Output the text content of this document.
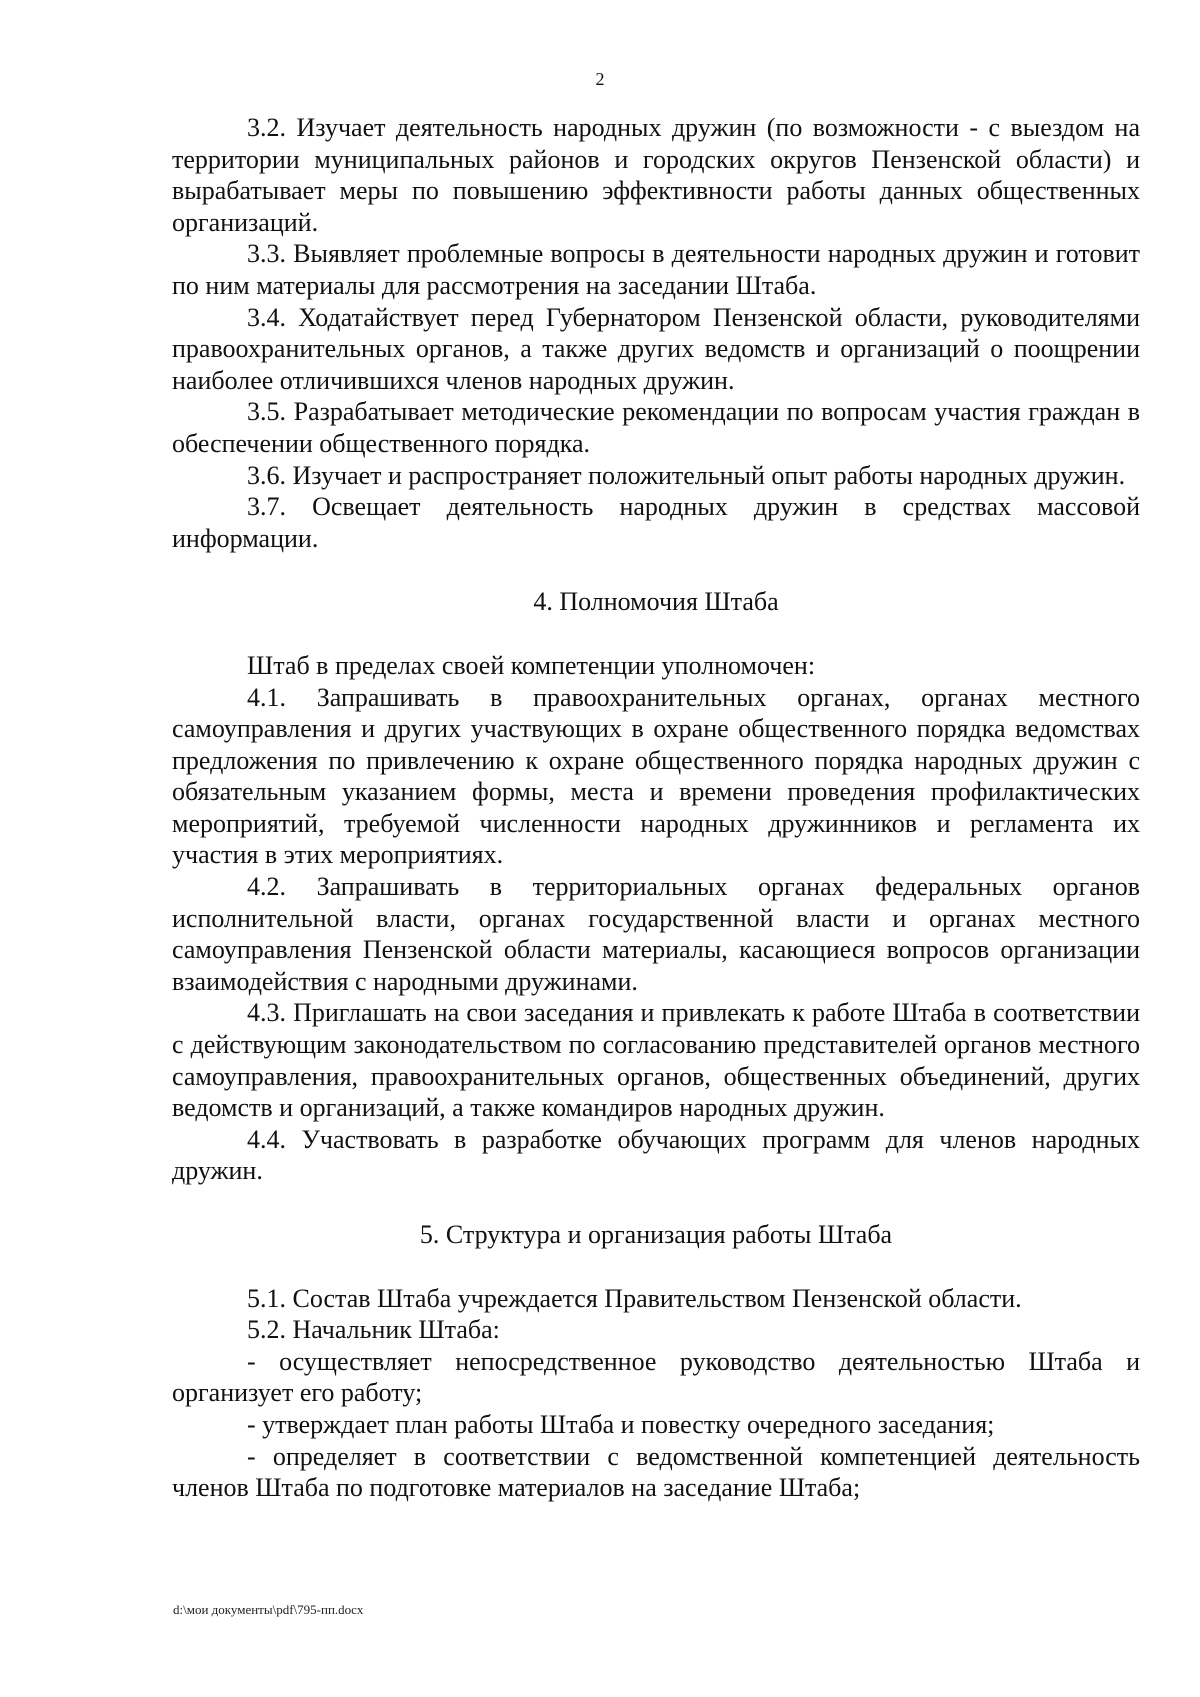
2

3.2. Изучает деятельность народных дружин (по возможности - с выездом на территории муниципальных районов и городских округов Пензенской области) и вырабатывает меры по повышению эффективности работы данных общественных организаций.

3.3. Выявляет проблемные вопросы в деятельности народных дружин и готовит по ним материалы для рассмотрения на заседании Штаба.

3.4. Ходатайствует перед Губернатором Пензенской области, руководителями правоохранительных органов, а также других ведомств и организаций о поощрении наиболее отличившихся членов народных дружин.

3.5. Разрабатывает методические рекомендации по вопросам участия граждан в обеспечении общественного порядка.

3.6. Изучает и распространяет положительный опыт работы народных дружин.

3.7. Освещает деятельность народных дружин в средствах массовой информации.

4. Полномочия Штаба

Штаб в пределах своей компетенции уполномочен:

4.1. Запрашивать в правоохранительных органах, органах местного самоуправления и других участвующих в охране общественного порядка ведомствах предложения по привлечению к охране общественного порядка народных дружин с обязательным указанием формы, места и времени проведения профилактических мероприятий, требуемой численности народных дружинников и регламента их участия в этих мероприятиях.

4.2. Запрашивать в территориальных органах федеральных органов исполнительной власти, органах государственной власти и органах местного самоуправления Пензенской области материалы, касающиеся вопросов организации взаимодействия с народными дружинами.

4.3. Приглашать на свои заседания и привлекать к работе Штаба в соответствии с действующим законодательством по согласованию представителей органов местного самоуправления, правоохранительных органов, общественных объединений, других ведомств и организаций, а также командиров народных дружин.

4.4. Участвовать в разработке обучающих программ для членов народных дружин.

5. Структура и организация работы Штаба

5.1. Состав Штаба учреждается Правительством Пензенской области.

5.2. Начальник Штаба:

- осуществляет непосредственное руководство деятельностью Штаба и организует его работу;

- утверждает план работы Штаба и повестку очередного заседания;

- определяет в соответствии с ведомственной компетенцией деятельность членов Штаба по подготовке материалов на заседание Штаба;

d:\мои документы\pdf\795-пп.docx
